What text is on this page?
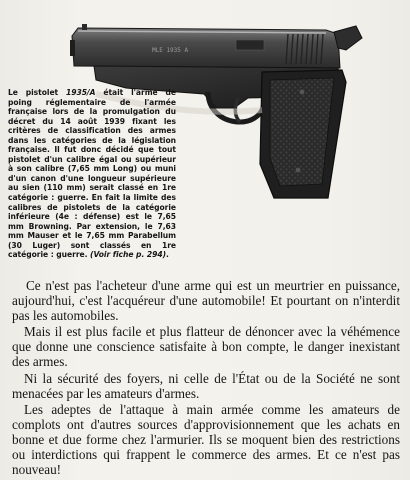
MLE 1935 A
Le pistolet 1935/A était l'arme de poing réglementaire de l'armée française lors de la promulgation du décret du 14 août 1939 fixant les critères de classification des armes dans les catégories de la législation française. Il fut donc décidé que tout pistolet d'un calibre égal ou supérieur à son calibre (7,65 mm Long) ou muni d'un canon d'une longueur supérieure au sien (110 mm) serait classé en 1re catégorie : guerre. En fait la limite des calibres de pistolets de la catégorie inférieure (4e : défense) est le 7,65 mm Browning. Par extension, le 7,63 mm Mauser et le 7,65 mm Parabellum (30 Luger) sont classés en 1re catégorie : guerre. (Voir fiche p. 294).

Ce n'est pas l'acheteur d'une arme qui est un meurtrier en puissance, aujourd'hui, c'est l'acquéreur d'une automobile! Et pourtant on n'interdit pas les automobiles.

Mais il est plus facile et plus flatteur de dénoncer avec la véhémence que donne une conscience satisfaite à bon compte, le danger inexistant des armes.

Ni la sécurité des foyers, ni celle de l'État ou de la Société ne sont menacées par les amateurs d'armes.

Les adeptes de l'attaque à main armée comme les amateurs de complots ont d'autres sources d'approvisionnement que les achats en bonne et due forme chez l'armurier. Ils se moquent bien des restrictions ou interdictions qui frappent le commerce des armes. Et ce n'est pas nouveau!
